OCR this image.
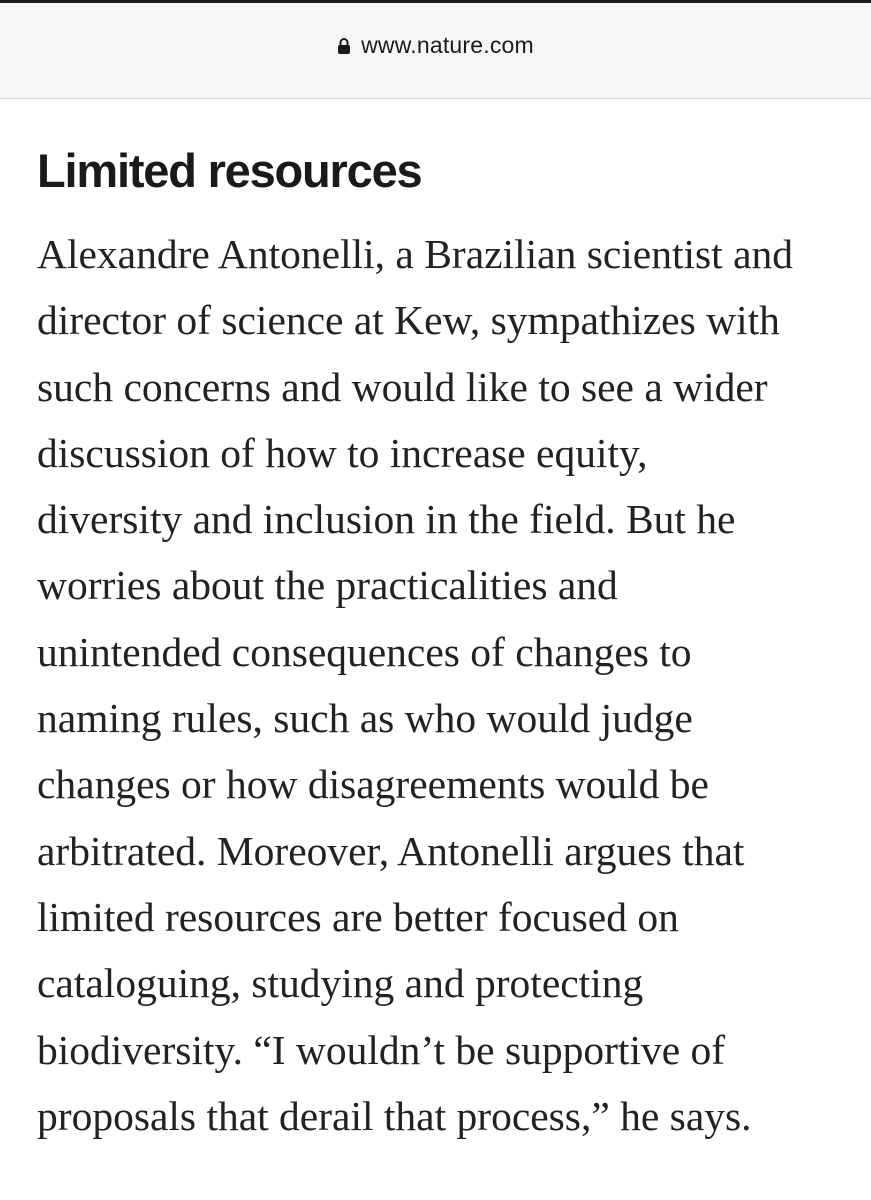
www.nature.com
Limited resources

Alexandre Antonelli, a Brazilian scientist and
director of science at Kew, sympathizes with
such concerns and would like to see a wider
discussion of how to increase equity,
diversity and inclusion in the field. But he
worries about the practicalities and
unintended consequences of changes to
naming rules, such as who would judge
changes or how disagreements would be
arbitrated. Moreover, Antonelli argues that
limited resources are better focused on
cataloguing, studying and protecting
biodiversity. “I wouldn’t be supportive of
proposals that derail that process,” he says.
